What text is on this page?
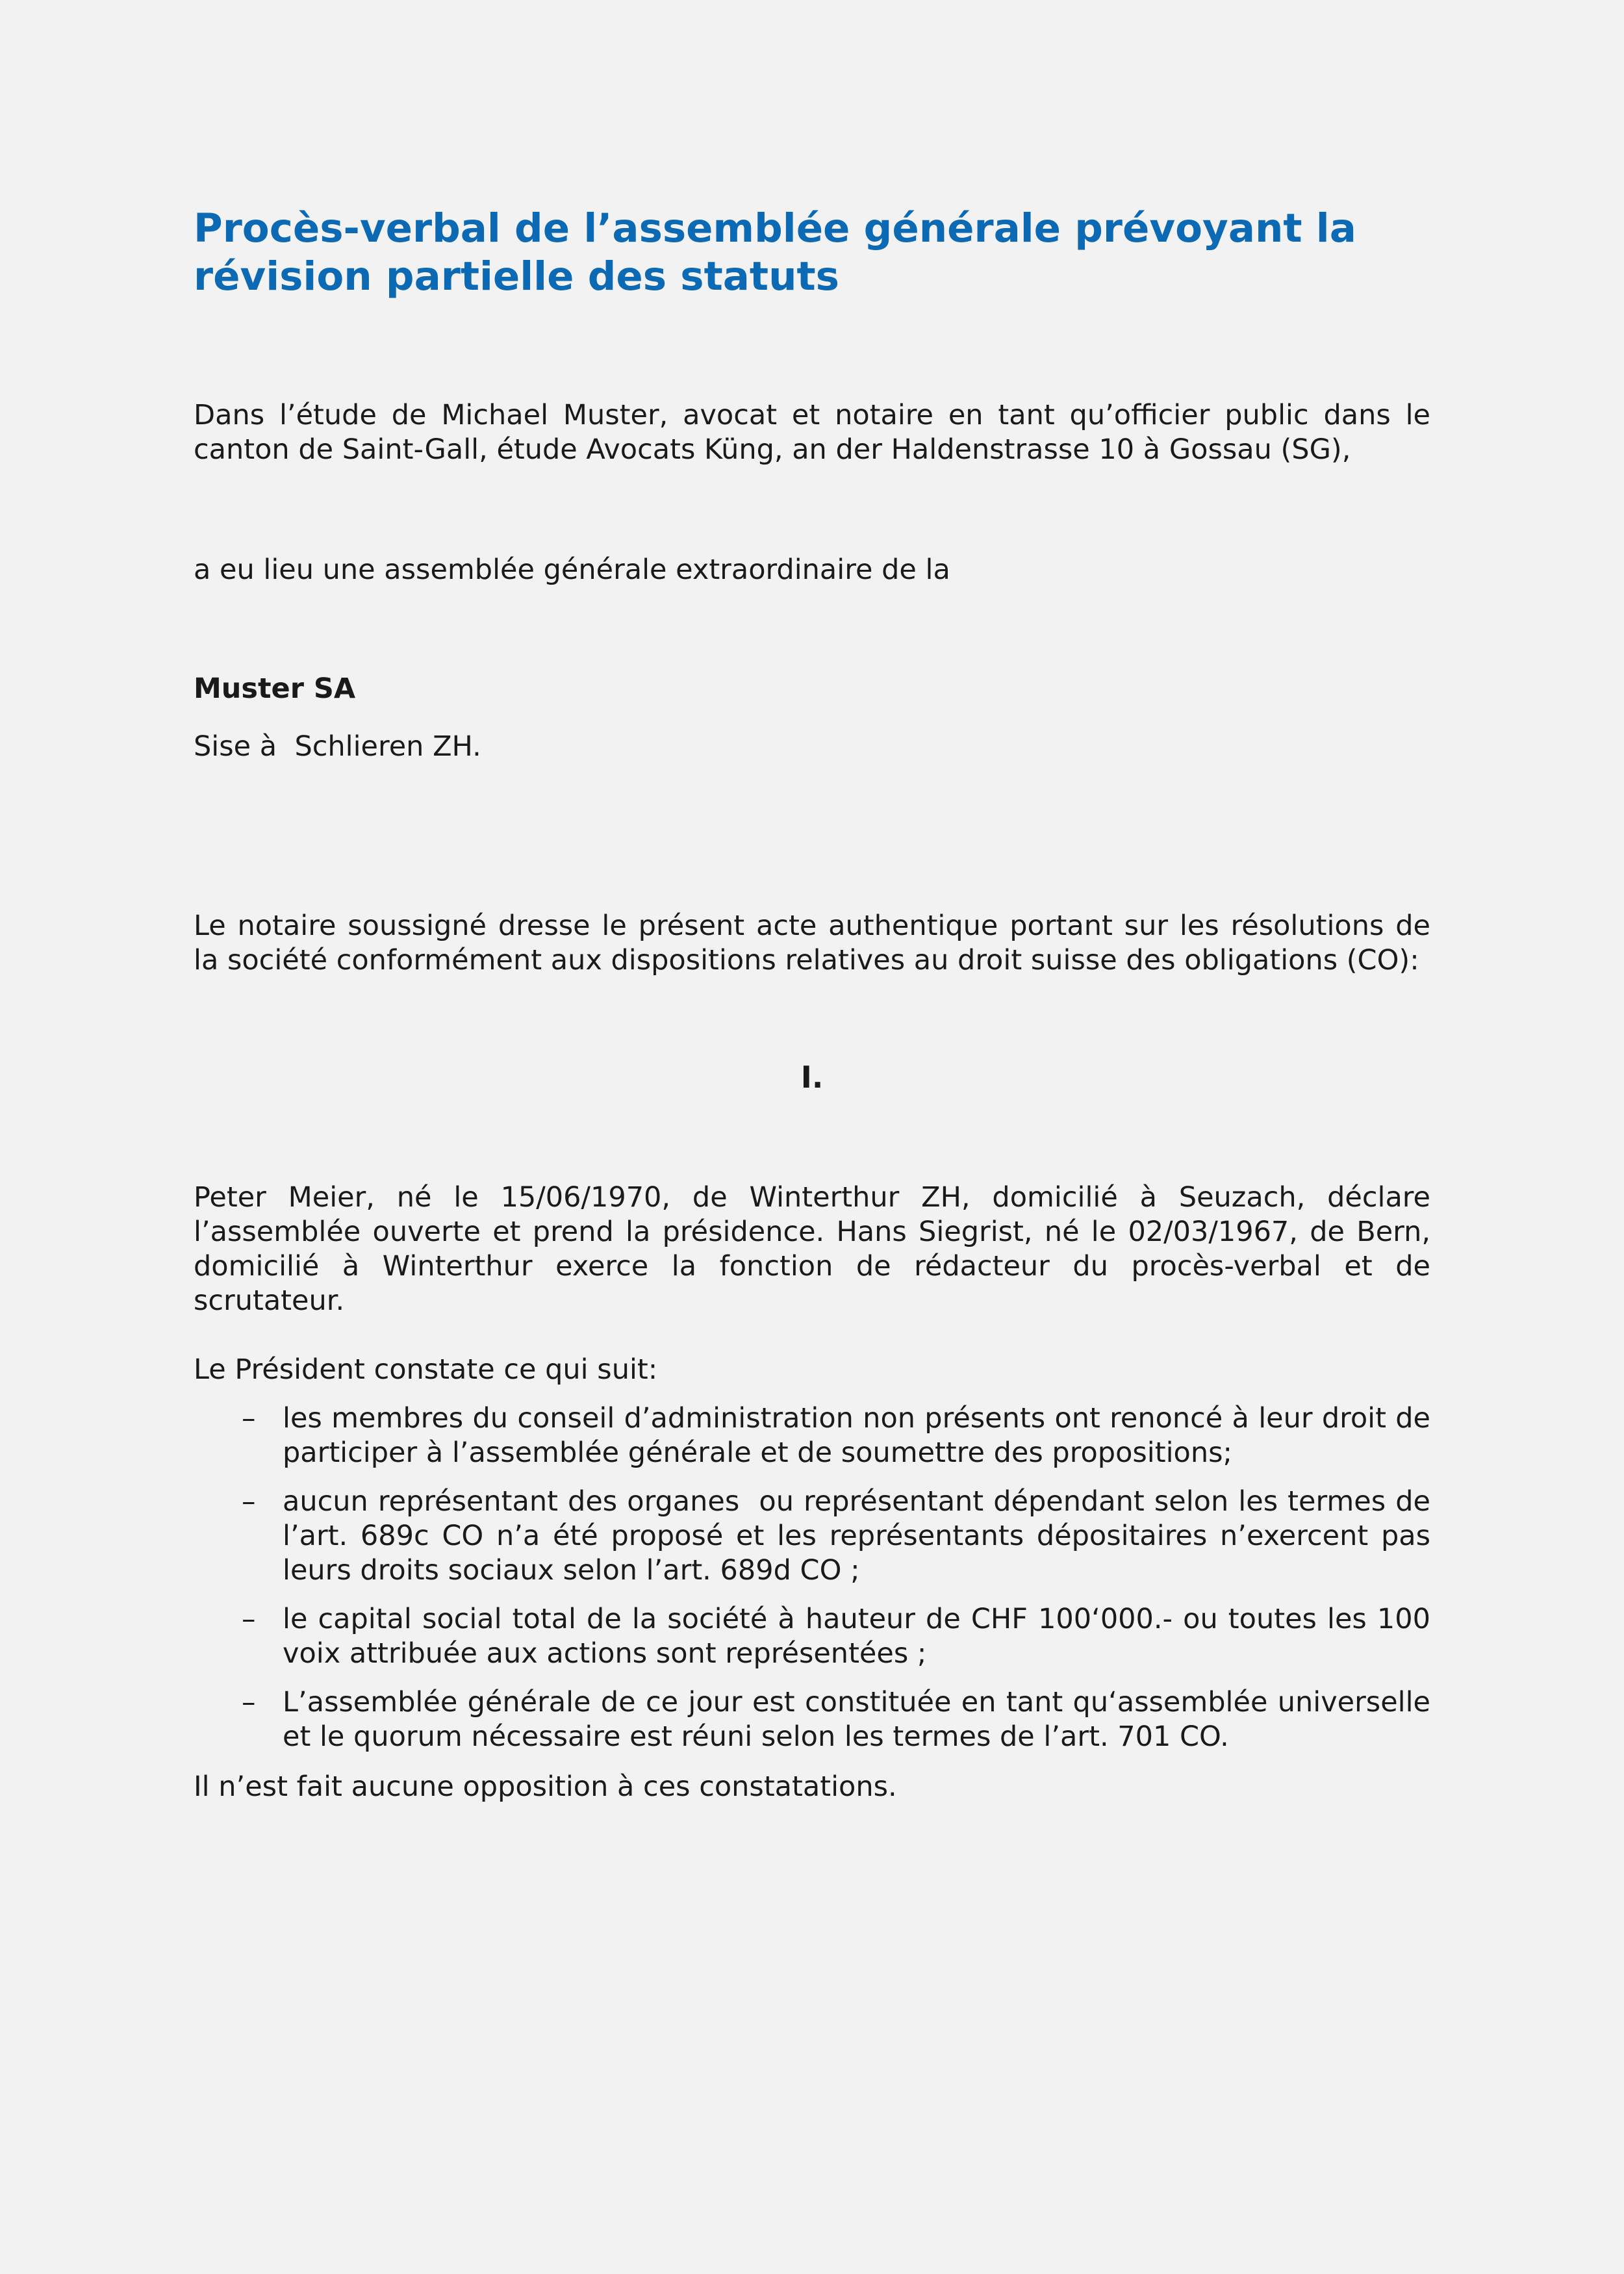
Procès-verbal de l’assemblée générale prévoyant la révision partielle des statuts

Dans l’étude de Michael Muster, avocat et notaire en tant qu’officier public dans le canton de Saint-Gall, étude Avocats Küng, an der Haldenstrasse 10 à Gossau (SG),

a eu lieu une assemblée générale extraordinaire de la

Muster SA

Sise à  Schlieren ZH.

Le notaire soussigné dresse le présent acte authentique portant sur les résolutions de la société conformément aux dispositions relatives au droit suisse des obligations (CO):

I.

Peter Meier, né le 15/06/1970, de Winterthur ZH, domicilié à Seuzach, déclare l’assemblée ouverte et prend la présidence. Hans Siegrist, né le 02/03/1967, de Bern, domicilié à Winterthur exerce la fonction de rédacteur du procès-verbal et de scrutateur.

Le Président constate ce qui suit:

– les membres du conseil d’administration non présents ont renoncé à leur droit de participer à l’assemblée générale et de soumettre des propositions;
– aucun représentant des organes  ou représentant dépendant selon les termes de l’art. 689c CO n’a été proposé et les représentants dépositaires n’exercent pas leurs droits sociaux selon l’art. 689d CO ;
– le capital social total de la société à hauteur de CHF 100‘000.- ou toutes les 100 voix attribuée aux actions sont représentées ;
– L’assemblée générale de ce jour est constituée en tant qu‘assemblée universelle et le quorum nécessaire est réuni selon les termes de l’art. 701 CO.

Il n’est fait aucune opposition à ces constatations.
